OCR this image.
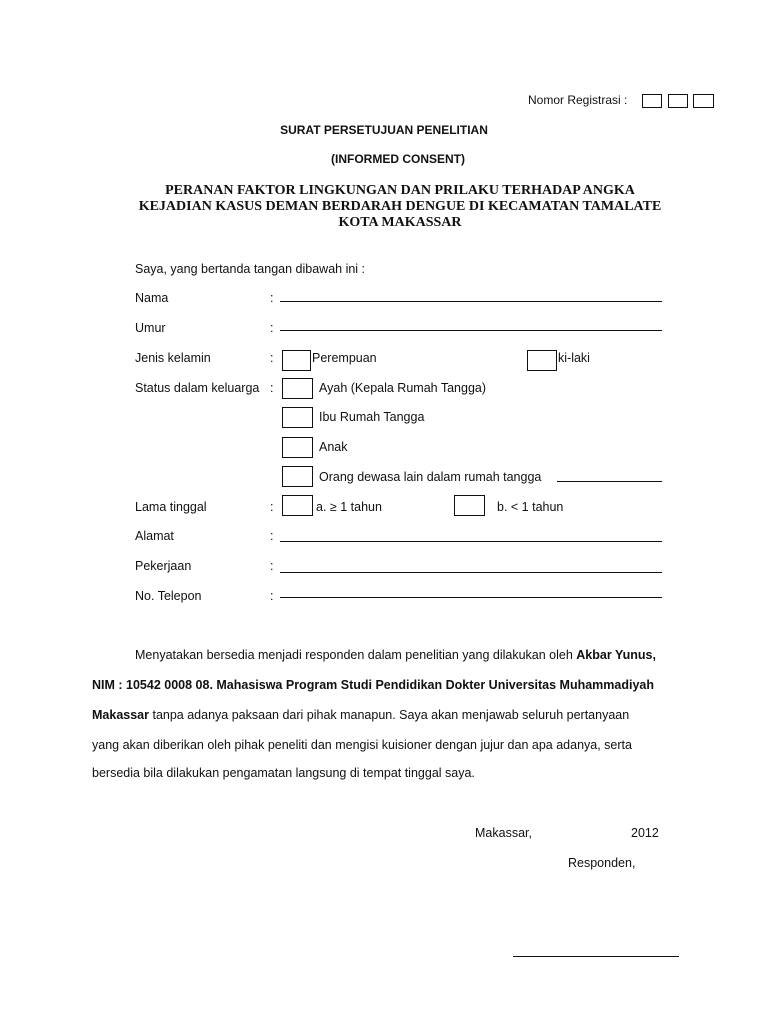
Nomor Registrasi :
SURAT PERSETUJUAN PENELITIAN
(INFORMED CONSENT)
PERANAN FAKTOR LINGKUNGAN DAN PRILAKU TERHADAP ANGKA
KEJADIAN KASUS DEMAN BERDARAH DENGUE DI KECAMATAN TAMALATE
KOTA MAKASSAR
Saya, yang bertanda tangan dibawah ini :
Nama	:
Umur	:
Jenis kelamin	:	Perempuan	ki-laki
Status dalam keluarga :	Ayah (Kepala Rumah Tangga)
Ibu Rumah Tangga
Anak
Orang dewasa lain dalam rumah tangga
Lama tinggal	:	a. ≥ 1 tahun	b. < 1 tahun
Alamat	:
Pekerjaan	:
No. Telepon	:
Menyatakan bersedia menjadi responden dalam penelitian yang dilakukan oleh Akbar Yunus,
NIM : 10542 0008 08. Mahasiswa Program Studi Pendidikan Dokter Universitas Muhammadiyah
Makassar tanpa adanya paksaan dari pihak manapun. Saya akan menjawab seluruh pertanyaan
yang akan diberikan oleh pihak peneliti dan mengisi kuisioner dengan jujur dan apa adanya, serta
bersedia bila dilakukan pengamatan langsung di tempat tinggal saya.
Makassar,	2012
Responden,
